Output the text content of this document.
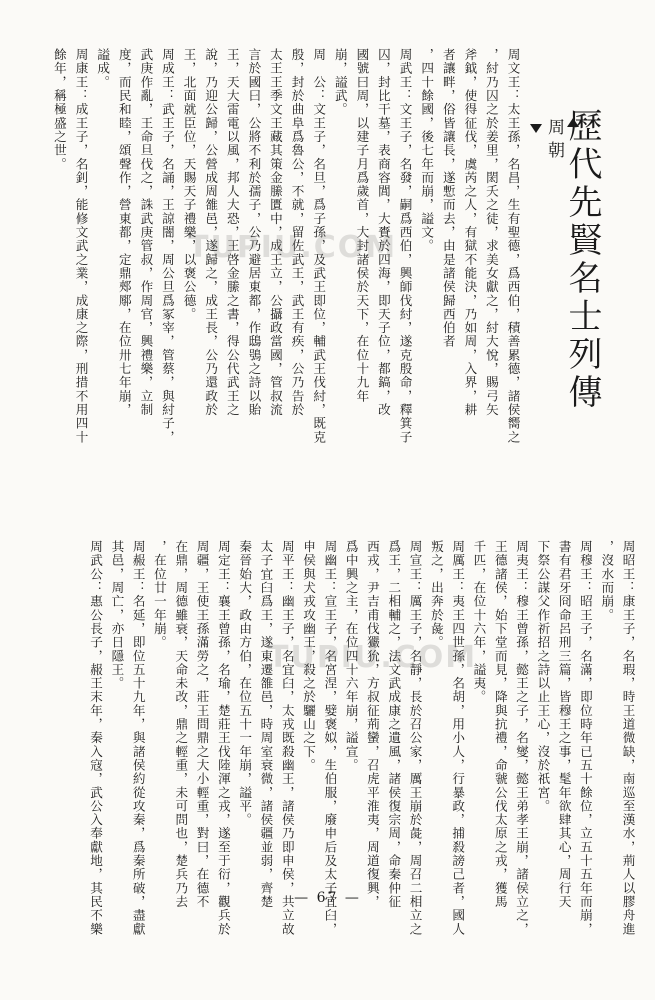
歷代先賢名士列傳
周朝
周文王：太王孫，名昌，生有聖德，爲西伯，積善累德，諸侯嚮之
，紂乃囚之於姜里，閎夭之徒，求美女獻之，紂大悅，賜弓矢
斧鉞，使得征伐，虞芮之人，有獄不能決，乃如周，入界，耕
者讓畔，俗皆讓長，遂慙而去，由是諸侯歸西伯者
，四十餘國，後七年而崩，謚文。
周武王：文王子，名發，嗣爲西伯，興師伐紂，遂克殷命，釋箕子
囚，封比干墓，表商容閭，大賚於四海，即天子位，都鎬，改
國號曰周，以建子月爲歲首，大封諸侯於天下，在位十九年
崩，謚武。
周　公：文王子，名旦，爲子孫，及武王即位，輔武王伐紂，既克
殷，封於曲阜爲魯公，不就，留佐武王，武王有疾，公乃告於
太王王季文王藏其策金縢匱中，成王立，公攝政當國，管叔流
言於國曰，公將不利於孺子，公乃避居東都，作鴟鴞之詩以貽
王，天大雷電以風，邦人大恐，王啓金縢之書，得公代武王之
說，乃迎公歸，公營成周雒邑，遂歸之，成王長，公乃還政於
王，北面就臣位，天賜天子禮樂，以褒公德。
周成王：武王子，名誦，王諒闇，周公旦爲冢宰，管蔡，與紂子，
武庚作亂，王命旦伐之，誅武庚管叔，作周官，興禮樂，立制
度，而民和睦，頌聲作，營東都，定鼎郟鄏，在位卅七年崩，
謚成。
周康王：成王子，名釗，能修文武之業，成康之際，刑措不用四十
餘年，稱極盛之世。
周昭王：康王子，名瑕，時王道微缺，南巡至漢水，荊人以膠舟進
，沒水而崩。
周穆王：昭王子，名滿，即位時年已五十餘位，立五十五年而崩，
書有君牙冏命呂刑三篇，皆穆王之事，髦年欲肆其心，周行天
下祭公謀父作祈招之詩以止王心，沒於祇宮。
周夷王：穆王曾孫，懿王之子，名燮，懿王弟孝王崩，諸侯立之，
王德諸侯，始下堂而見，降與抗禮，命虢公伐太原之戎，獲馬
千匹，在位十六年，謚夷。
周厲王：夷王四世孫，名胡，用小人，行暴政，捕殺謗己者，國人
叛之，出奔於彘。
周宣王：厲王子，名靜，長於召公家，厲王崩於彘，周召二相立之
爲王，二相輔之，法文武成康之遺風，諸侯復宗周，命秦仲征
西戎，尹吉甫伐玁狁，方叔征荊蠻，召虎平淮夷，周道復興，
爲中興之主，在位四十六年崩，謚宣。
周幽王：宣王子，名宮涅，嬖褒姒，生伯服，廢申后及太子宜臼，
申侯與犬戎攻幽王，殺之於驪山之下。
周平王：幽王子，名宜臼，太戎既殺幽王，諸侯乃即申侯，共立故
太子宜臼爲王，遂東遷雒邑，時周室衰微，諸侯疆並弱，齊楚
秦晉始大，政由方伯，在位五十一年崩，謚平。
周定王：襄王曾孫，名瑜，楚莊王伐陸渾之戎，遂至于衍，觀兵於
周疆，王使王孫滿勞之，莊王問鼎之大小輕重，對曰，在德不
在鼎，周德雖衰，天命未改，鼎之輕重，未可問也，楚兵乃去
，在位廿一年崩。
周赧王：名延，即位五十九年，與諸侯約從攻秦，爲秦所破，盡獻
其邑，周亡，亦日隱王。
周武公：惠公長子，赧王末年，秦入寇，武公入奉獻地，其民不樂
TUPIU.COM
TUPIU.COM
— 67 —
